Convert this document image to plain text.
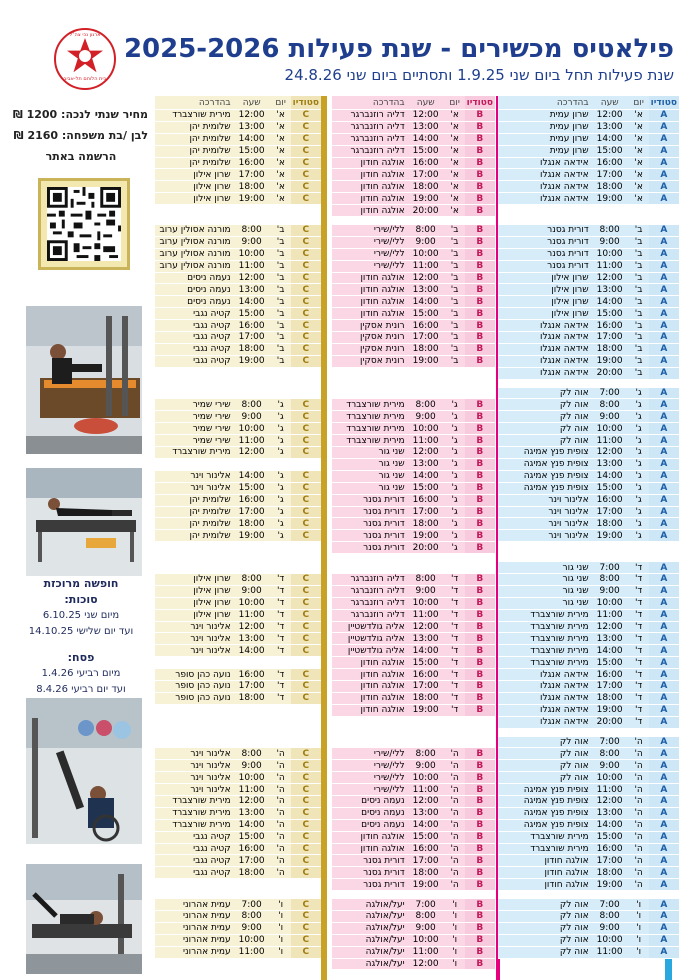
ארגון נכי צה"ל
בית הלוחם תל-אביב
פילאטיס מכשירים - שנת פעילות 2025-2026
שנת פעילות תחל ביום שני 1.9.25 ותסתיים ביום שני 24.8.26
מחיר שנתי לנכה: 1200 ₪
לבן /בת משפחה: 2160 ₪
הרשמה באתר
חופשה מרוכזת
סוכות:
מיום שני 6.10.25
ועד יום שלישי 14.10.25
פסח:
מיום רביעי 1.4.26
ועד יום רביעי 8.4.26
סטודיו	יום	שעה	בהדרכה
A	א'	12:00	שרון עמית
A	א'	13:00	שרון עמית
A	א'	14:00	שרון עמית
A	א'	15:00	שרון עמית
A	א'	16:00	אידאה אנגלו
A	א'	17:00	אידאה אנגלו
A	א'	18:00	אידאה אנגלו
A	א'	19:00	אידאה אנגלו

A	ב'	8:00	דורית גסנר
A	ב'	9:00	דורית גסנר
A	ב'	10:00	דורית גסנר
A	ב'	11:00	דורית גסנר
A	ב'	12:00	שרון אילון
A	ב'	13:00	שרון אילון
A	ב'	14:00	שרון אילון
A	ב'	15:00	שרון אילון
A	ב'	16:00	אידאה אנגלו
A	ב'	17:00	אידאה אנגלו
A	ב'	18:00	אידאה אנגלו
A	ב'	19:00	אידאה אנגלו
A	ב'	20:00	אידאה אנגלו

A	ג'	7:00	אוה לק
A	ג'	8:00	אוה לק
A	ג'	9:00	אוה לק
A	ג'	10:00	אוה לק
A	ג'	11:00	אוה לק
A	ג'	12:00	צופית פנץ אמיגה
A	ג'	13:00	צופית פנץ אמיגה
A	ג'	14:00	צופית פנץ אמיגה
A	ג'	15:00	צופית פנץ אמיגה
A	ג'	16:00	אלינור וינר
A	ג'	17:00	אלינור וינר
A	ג'	18:00	אלינור וינר
A	ג'	19:00	אלינור וינר

A	ד'	7:00	שני גור
A	ד'	8:00	שני גור
A	ד'	9:00	שני גור
A	ד'	10:00	שני גור
A	ד'	11:00	מירית שורצברד
A	ד'	12:00	מירית שורצברד
A	ד'	13:00	מירית שורצברד
A	ד'	14:00	מירית שורצברד
A	ד'	15:00	מירית שורצברד
A	ד'	16:00	אידאה אנגלו
A	ד'	17:00	אידאה אנגלו
A	ד'	18:00	אידאה אנגלו
A	ד'	19:00	אידאה אנגלו
A	ד'	20:00	אידאה אנגלו

A	ה'	7:00	אוה לק
A	ה'	8:00	אוה לק
A	ה'	9:00	אוה לק
A	ה'	10:00	אוה לק
A	ה'	11:00	צופית פנץ אמיגה
A	ה'	12:00	צופית פנץ אמיגה
A	ה'	13:00	צופית פנץ אמיגה
A	ה'	14:00	צופית פנץ אמיגה
A	ה'	15:00	מירית שורצברד
A	ה'	16:00	מירית שורצברד
A	ה'	17:00	אולגה חודון
A	ה'	18:00	אולגה חודון
A	ה'	19:00	אולגה חודון

A	ו'	7:00	אוה לק
A	ו'	8:00	אוה לק
A	ו'	9:00	אוה לק
A	ו'	10:00	אוה לק
A	ו'	11:00	אוה לק
סטודיו	יום	שעה	בהדרכה
B	א'	12:00	דליה רוזנברגר
B	א'	13:00	דליה רוזנברגר
B	א'	14:00	דליה רוזנברגר
B	א'	15:00	דליה רוזנברגר
B	א'	16:00	אולגה חודון
B	א'	17:00	אולגה חודון
B	א'	18:00	אולגה חודון
B	א'	19:00	אולגה חודון
B	א'	20:00	אולגה חודון

B	ב'	8:00	ללי/שירי
B	ב'	9:00	ללי/שירי
B	ב'	10:00	ללי/שירי
B	ב'	11:00	ללי/שירי
B	ב'	12:00	אולגה חודון
B	ב'	13:00	אולגה חודון
B	ב'	14:00	אולגה חודון
B	ב'	15:00	אולגה חודון
B	ב'	16:00	רונית אסקין
B	ב'	17:00	רונית אסקין
B	ב'	18:00	רונית אסקין
B	ב'	19:00	רונית אסקין

B	ג'	8:00	מירית שורצברד
B	ג'	9:00	מירית שורצברד
B	ג'	10:00	מירית שורצברד
B	ג'	11:00	מירית שורצברד
B	ג'	12:00	שני גור
B	ג'	13:00	שני גור
B	ג'	14:00	שני גור
B	ג'	15:00	שני גור
B	ג'	16:00	דורית גסנר
B	ג'	17:00	דורית גסנר
B	ג'	18:00	דורית גסנר
B	ג'	19:00	דורית גסנר
B	ג'	20:00	דורית גסנר

B	ד'	8:00	דליה רוזנברגר
B	ד'	9:00	דליה רוזנברגר
B	ד'	10:00	דליה רוזנברגר
B	ד'	11:00	דליה רוזנברגר
B	ד'	12:00	אליה גולדשטיין
B	ד'	13:00	אליה גולדשטיין
B	ד'	14:00	אליה גולדשטיין
B	ד'	15:00	אולגה חודון
B	ד'	16:00	אולגה חודון
B	ד'	17:00	אולגה חודון
B	ד'	18:00	אולגה חודון
B	ד'	19:00	אולגה חודון

B	ה'	8:00	ללי/שירי
B	ה'	9:00	ללי/שירי
B	ה'	10:00	ללי/שירי
B	ה'	11:00	ללי/שירי
B	ה'	12:00	נעמה ניסים
B	ה'	13:00	נעמה ניסים
B	ה'	14:00	נעמה ניסים
B	ה'	15:00	אולגה חודון
B	ה'	16:00	אולגה חודון
B	ה'	17:00	דורית גסנר
B	ה'	18:00	דורית גסנר
B	ה'	19:00	דורית גסנר

B	ו'	7:00	יעל/אולגה
B	ו'	8:00	יעל/אולגה
B	ו'	9:00	יעל/אולגה
B	ו'	10:00	יעל/אולגה
B	ו'	11:00	יעל/אולגה
B	ו'	12:00	יעל/אולגה
סטודיו	יום	שעה	בהדרכה
C	א'	12:00	מירית שורצברד
C	א'	13:00	שלומית יהן
C	א'	14:00	שלומית יהן
C	א'	15:00	שלומית יהן
C	א'	16:00	שלומית יהן
C	א'	17:00	שרון אילון
C	א'	18:00	שרון אילון
C	א'	19:00	שרון אילון

C	ב'	8:00	מורנה אסולין ערוב
C	ב'	9:00	מורנה אסולין ערוב
C	ב'	10:00	מורנה אסולין ערוב
C	ב'	11:00	מורנה אסולין ערוב
C	ב'	12:00	נעמה ניסים
C	ב'	13:00	נעמה ניסים
C	ב'	14:00	נעמה ניסים
C	ב'	15:00	קטיה נגבי
C	ב'	16:00	קטיה נגבי
C	ב'	17:00	קטיה נגבי
C	ב'	18:00	קטיה נגבי
C	ב'	19:00	קטיה נגבי

C	ג'	8:00	שירי שמיר
C	ג'	9:00	שירי שמיר
C	ג'	10:00	שירי שמיר
C	ג'	11:00	שירי שמיר
C	ג'	12:00	מירית שורצברד

C	ג'	14:00	אלינור וינר
C	ג'	15:00	אלינור וינר
C	ג'	16:00	שלומית יהן
C	ג'	17:00	שלומית יהן
C	ג'	18:00	שלומית יהן
C	ג'	19:00	שלומית יהן

C	ד'	8:00	שרון אילון
C	ד'	9:00	שרון אילון
C	ד'	10:00	שרון אילון
C	ד'	11:00	שרון אילון
C	ד'	12:00	אלינור וינר
C	ד'	13:00	אלינור וינר
C	ד'	14:00	אלינור וינר

C	ד'	16:00	נועה כהן סופר
C	ד'	17:00	נועה כהן סופר
C	ד'	18:00	נועה כהן סופר

C	ה'	8:00	אלינור וינר
C	ה'	9:00	אלינור וינר
C	ה'	10:00	אלינור וינר
C	ה'	11:00	אלינור וינר
C	ה'	12:00	מירית שורצברד
C	ה'	13:00	מירית שורצברד
C	ה'	14:00	מירית שורצברד
C	ה'	15:00	קטיה נגבי
C	ה'	16:00	קטיה נגבי
C	ה'	17:00	קטיה נגבי
C	ה'	18:00	קטיה נגבי

C	ו'	7:00	עמית אהרוני
C	ו'	8:00	עמית אהרוני
C	ו'	9:00	עמית אהרוני
C	ו'	10:00	עמית אהרוני
C	ו'	11:00	עמית אהרוני
